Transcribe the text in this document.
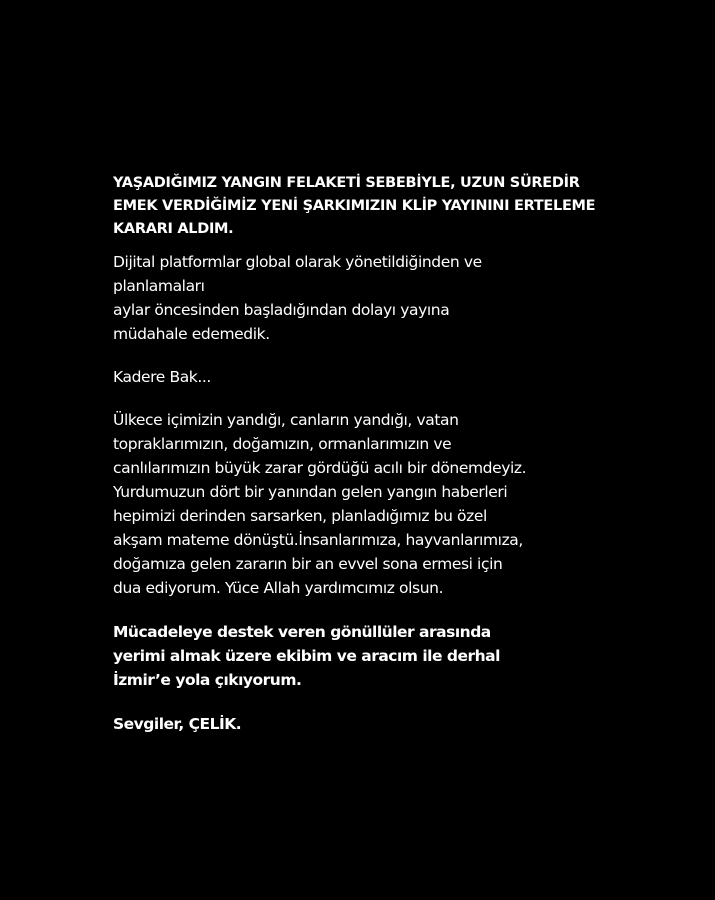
YAŞADIĞIMIZ YANGIN FELAKETİ SEBEBİYLE, UZUN SÜREDİR
EMEK VERDİĞİMİZ YENİ ŞARKIMIZIN KLİP YAYININI ERTELEME
KARARI ALDIM.

Dijital platformlar global olarak yönetildiğinden ve
planlamaları
aylar öncesinden başladığından dolayı yayına
müdahale edemedik.

Kadere Bak...

Ülkece içimizin yandığı, canların yandığı, vatan
topraklarımızın, doğamızın, ormanlarımızın ve
canlılarımızın büyük zarar gördüğü acılı bir dönemdeyiz.
Yurdumuzun dört bir yanından gelen yangın haberleri
hepimizi derinden sarsarken, planladığımız bu özel
akşam mateme dönüştü.İnsanlarımıza, hayvanlarımıza,
doğamıza gelen zararın bir an evvel sona ermesi için
dua ediyorum. Yüce Allah yardımcımız olsun.

Mücadeleye destek veren gönüllüler arasında
yerimi almak üzere ekibim ve aracım ile derhal
İzmir’e yola çıkıyorum.

Sevgiler, ÇELİK.
